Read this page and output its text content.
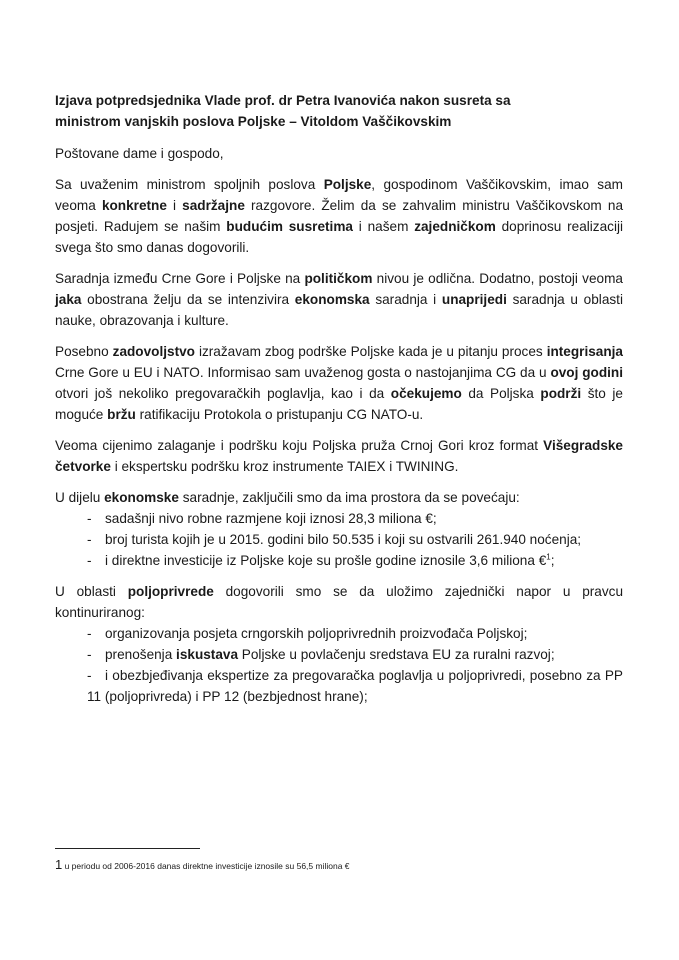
Izjava potpredsjednika Vlade prof. dr Petra Ivanovića nakon susreta sa
ministrom vanjskih poslova Poljske – Vitoldom Vaščikovskim

Poštovane dame i gospodo,

Sa uvaženim ministrom spoljnih poslova Poljske, gospodinom Vaščikovskim, imao sam veoma konkretne i sadržajne razgovore. Želim da se zahvalim ministru Vaščikovskom na posjeti. Radujem se našim budućim susretima i našem zajedničkom doprinosu realizaciji svega što smo danas dogovorili.

Saradnja između Crne Gore i Poljske na političkom nivou je odlična. Dodatno, postoji veoma jaka obostrana želju da se intenzivira ekonomska saradnja i unaprijedi saradnja u oblasti nauke, obrazovanja i kulture.

Posebno zadovoljstvo izražavam zbog podrške Poljske kada je u pitanju proces integrisanja Crne Gore u EU i NATO. Informisao sam uvaženog gosta o nastojanjima CG da u ovoj godini otvori još nekoliko pregovaračkih poglavlja, kao i da očekujemo da Poljska podrži što je moguće bržu ratifikaciju Protokola o pristupanju CG NATO-u.

Veoma cijenimo zalaganje i podršku koju Poljska pruža Crnoj Gori kroz format Višegradske četvorke i ekspertsku podršku kroz instrumente TAIEX i TWINING.

U dijelu ekonomske saradnje, zaključili smo da ima prostora da se povećaju:

- sadašnji nivo robne razmjene koji iznosi 28,3 miliona €;
- broj turista kojih je u 2015. godini bilo 50.535 i koji su ostvarili 261.940 noćenja;
- i direktne investicije iz Poljske koje su prošle godine iznosile 3,6 miliona €$^1$;

U oblasti poljoprivrede dogovorili smo se da uložimo zajednički napor u pravcu kontinuriranog:

- organizovanja posjeta crngorskih poljoprivrednih proizvođača Poljskoj;
- prenošenja iskustava Poljske u povlačenju sredstava EU za ruralni razvoj;
- i obezbjeđivanja ekspertize za pregovaračka poglavlja u poljoprivredi, posebno za PP 11 (poljoprivreda) i PP 12 (bezbjednost hrane);
1 u periodu od 2006-2016 danas direktne investicije iznosile su 56,5 miliona €
